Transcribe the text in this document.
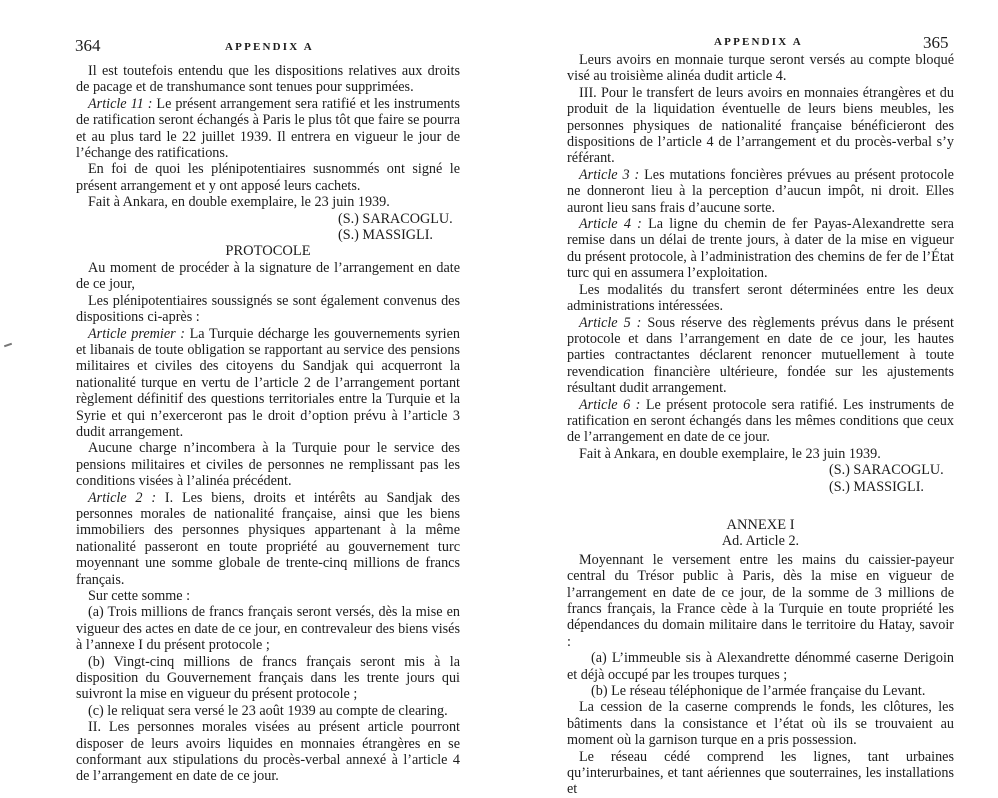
364	APPENDIX A

Il est toutefois entendu que les dispositions relatives aux droits de pacage et de transhumance sont tenues pour supprimées.

Article 11 : Le présent arrangement sera ratifié et les instruments de ratification seront échangés à Paris le plus tôt que faire se pourra et au plus tard le 22 juillet 1939. Il entrera en vigueur le jour de l’échange des ratifications.

En foi de quoi les plénipotentiaires susnommés ont signé le présent arrangement et y ont apposé leurs cachets.

Fait à Ankara, en double exemplaire, le 23 juin 1939.

(S.) SARACOGLU.

(S.) MASSIGLI.

PROTOCOLE

Au moment de procéder à la signature de l’arrangement en date de ce jour,

Les plénipotentiaires soussignés se sont également convenus des dispositions ci-après :

Article premier : La Turquie décharge les gouvernements syrien et libanais de toute obligation se rapportant au service des pensions militaires et civiles des citoyens du Sandjak qui acquerront la nationalité turque en vertu de l’article 2 de l’arrangement portant règlement définitif des questions territoriales entre la Turquie et la Syrie et qui n’exerceront pas le droit d’option prévu à l’article 3 dudit arrangement.

Aucune charge n’incombera à la Turquie pour le service des pensions militaires et civiles de personnes ne remplissant pas les conditions visées à l’alinéa précédent.

Article 2 : I. Les biens, droits et intérêts au Sandjak des personnes morales de nationalité française, ainsi que les biens immobiliers des personnes physiques appartenant à la même nationalité passeront en toute propriété au gouvernement turc moyennant une somme globale de trente-cinq millions de francs français.

Sur cette somme :

(a) Trois millions de francs français seront versés, dès la mise en vigueur des actes en date de ce jour, en contrevaleur des biens visés à l’annexe I du présent protocole ;

(b) Vingt-cinq millions de francs français seront mis à la disposition du Gouvernement français dans les trente jours qui suivront la mise en vigueur du présent protocole ;

(c) le reliquat sera versé le 23 août 1939 au compte de clearing.

II. Les personnes morales visées au présent article pourront disposer de leurs avoirs liquides en monnaies étrangères en se conformant aux stipulations du procès-verbal annexé à l’article 4 de l’arrangement en date de ce jour.

APPENDIX A	365

Leurs avoirs en monnaie turque seront versés au compte bloqué visé au troisième alinéa dudit article 4.

III. Pour le transfert de leurs avoirs en monnaies étrangères et du produit de la liquidation éventuelle de leurs biens meubles, les personnes physiques de nationalité française bénéficieront des dispositions de l’article 4 de l’arrangement et du procès-verbal s’y référant.

Article 3 : Les mutations foncières prévues au présent protocole ne donneront lieu à la perception d’aucun impôt, ni droit. Elles auront lieu sans frais d’aucune sorte.

Article 4 : La ligne du chemin de fer Payas-Alexandrette sera remise dans un délai de trente jours, à dater de la mise en vigueur du présent protocole, à l’administration des chemins de fer de l’État turc qui en assumera l’exploitation.

Les modalités du transfert seront déterminées entre les deux administrations intéressées.

Article 5 : Sous réserve des règlements prévus dans le présent protocole et dans l’arrangement en date de ce jour, les hautes parties contractantes déclarent renoncer mutuellement à toute revendication financière ultérieure, fondée sur les ajustements résultant dudit arrangement.

Article 6 : Le présent protocole sera ratifié. Les instruments de ratification en seront échangés dans les mêmes conditions que ceux de l’arrangement en date de ce jour.

Fait à Ankara, en double exemplaire, le 23 juin 1939.

(S.) SARACOGLU.

(S.) MASSIGLI.

ANNEXE I

Ad. Article 2.

Moyennant le versement entre les mains du caissier-payeur central du Trésor public à Paris, dès la mise en vigueur de l’arrangement en date de ce jour, de la somme de 3 millions de francs français, la France cède à la Turquie en toute propriété les dépendances du domain militaire dans le territoire du Hatay, savoir :

(a) L’immeuble sis à Alexandrette dénommé caserne Derigoin et déjà occupé par les troupes turques ;

(b) Le réseau téléphonique de l’armée française du Levant.

La cession de la caserne comprends le fonds, les clôtures, les bâtiments dans la consistance et l’état où ils se trouvaient au moment où la garnison turque en a pris possession.

Le réseau cédé comprend les lignes, tant urbaines qu’interurbaines, et tant aériennes que souterraines, les installations et
